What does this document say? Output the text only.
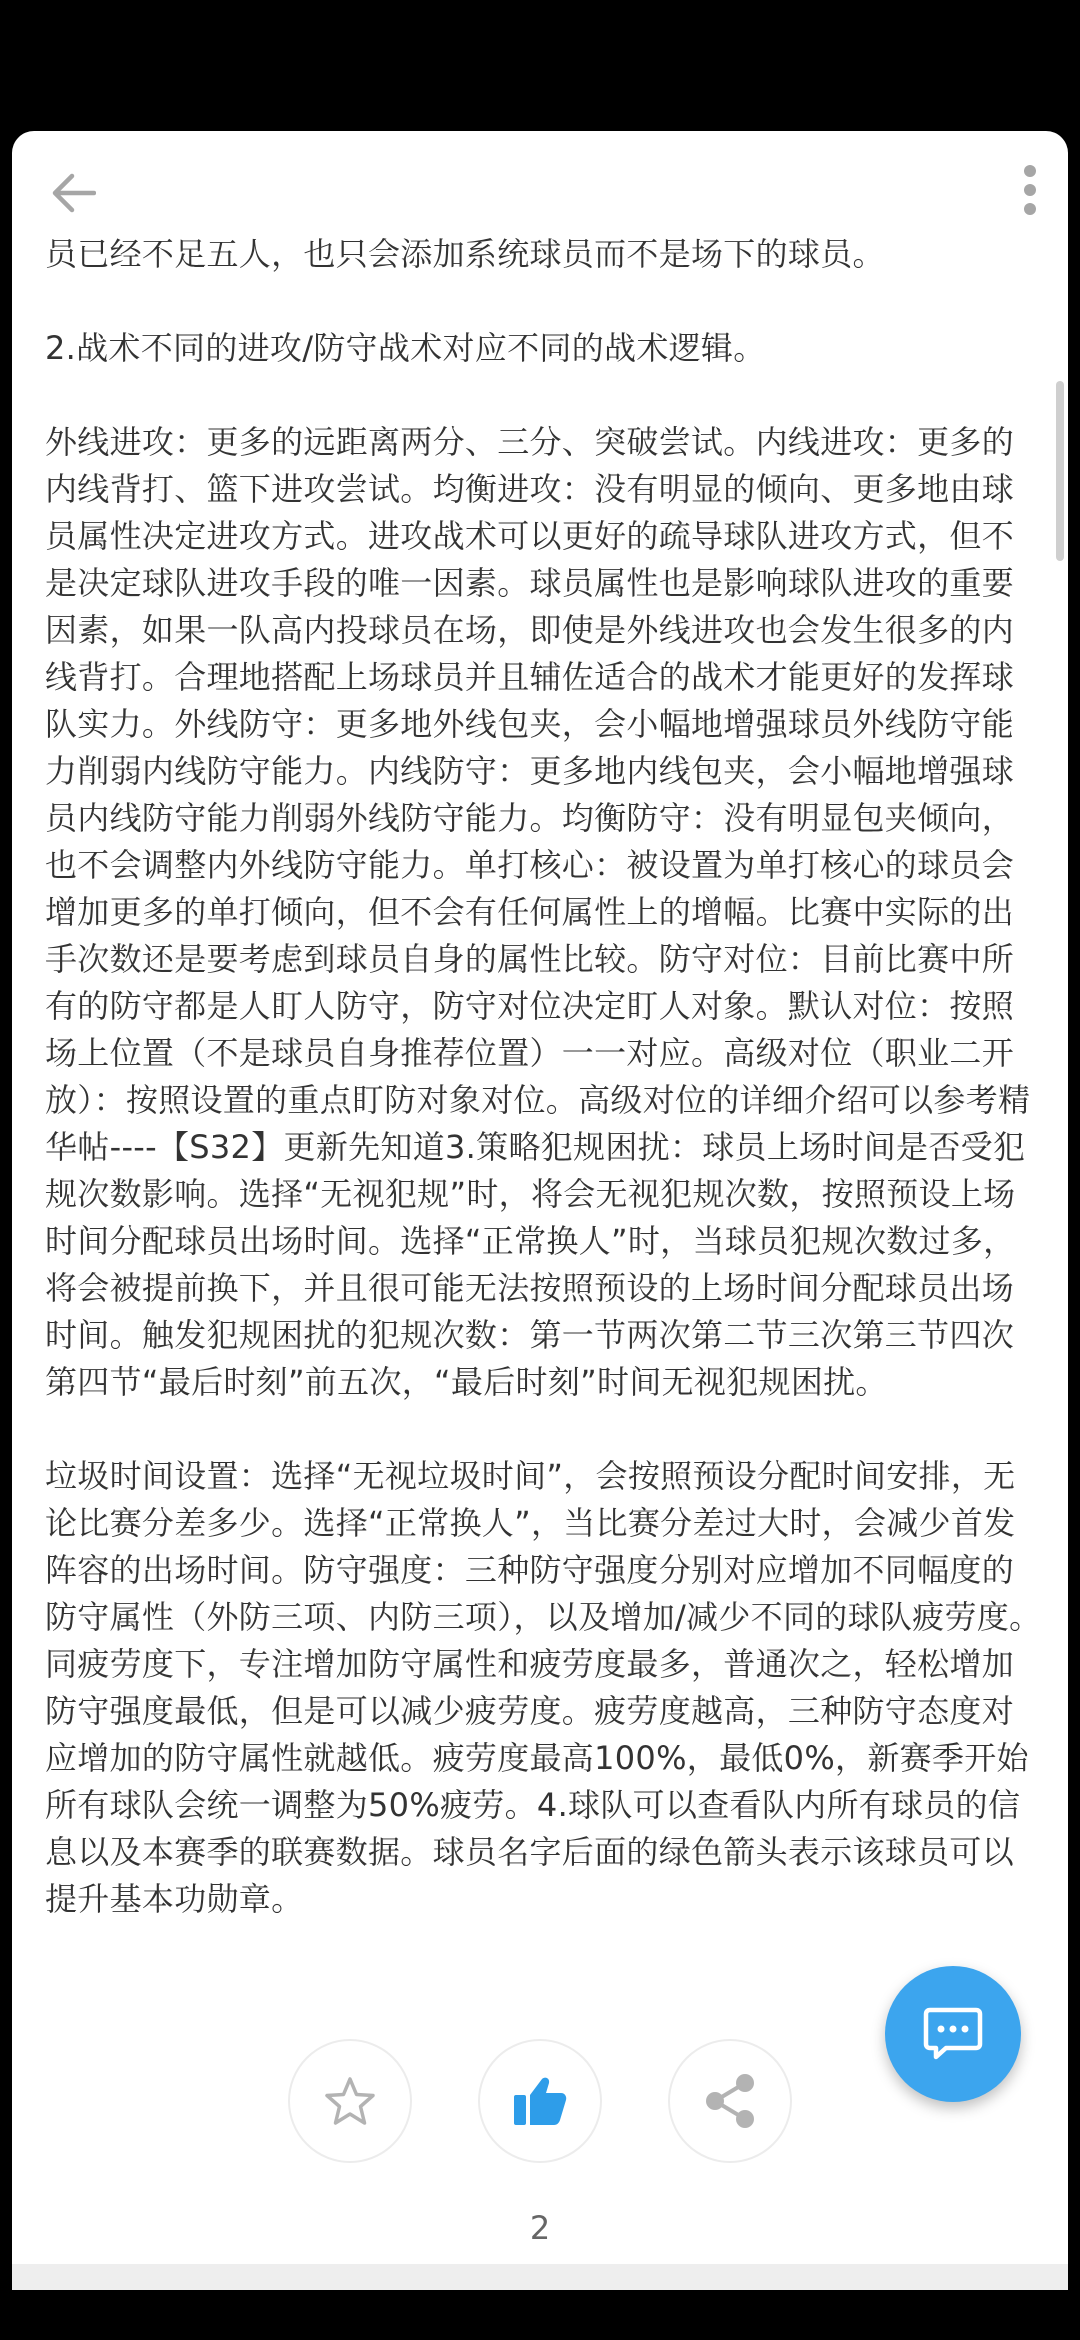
员已经不足五人，也只会添加系统球员而不是场下的球员。

2.战术不同的进攻/防守战术对应不同的战术逻辑。

外线进攻：更多的远距离两分、三分、突破尝试。内线进攻：更多的内线背打、篮下进攻尝试。均衡进攻：没有明显的倾向、更多地由球员属性决定进攻方式。进攻战术可以更好的疏导球队进攻方式，但不是决定球队进攻手段的唯一因素。球员属性也是影响球队进攻的重要因素，如果一队高内投球员在场，即使是外线进攻也会发生很多的内线背打。合理地搭配上场球员并且辅佐适合的战术才能更好的发挥球队实力。外线防守：更多地外线包夹，会小幅地增强球员外线防守能力削弱内线防守能力。内线防守：更多地内线包夹，会小幅地增强球员内线防守能力削弱外线防守能力。均衡防守：没有明显包夹倾向，也不会调整内外线防守能力。单打核心：被设置为单打核心的球员会增加更多的单打倾向，但不会有任何属性上的增幅。比赛中实际的出手次数还是要考虑到球员自身的属性比较。防守对位：目前比赛中所有的防守都是人盯人防守，防守对位决定盯人对象。默认对位：按照场上位置（不是球员自身推荐位置）一一对应。高级对位（职业二开放）：按照设置的重点盯防对象对位。高级对位的详细介绍可以参考精华帖----【S32】更新先知道3.策略犯规困扰：球员上场时间是否受犯规次数影响。选择“无视犯规”时，将会无视犯规次数，按照预设上场时间分配球员出场时间。选择“正常换人”时，当球员犯规次数过多，将会被提前换下，并且很可能无法按照预设的上场时间分配球员出场时间。触发犯规困扰的犯规次数：第一节两次第二节三次第三节四次第四节“最后时刻”前五次，“最后时刻”时间无视犯规困扰。

垃圾时间设置：选择“无视垃圾时间”，会按照预设分配时间安排，无论比赛分差多少。选择“正常换人”，当比赛分差过大时，会减少首发阵容的出场时间。防守强度：三种防守强度分别对应增加不同幅度的防守属性（外防三项、内防三项），以及增加/减少不同的球队疲劳度。同疲劳度下，专注增加防守属性和疲劳度最多，普通次之，轻松增加防守强度最低，但是可以减少疲劳度。疲劳度越高，三种防守态度对应增加的防守属性就越低。疲劳度最高100%，最低0%，新赛季开始所有球队会统一调整为50%疲劳。4.球队可以查看队内所有球员的信息以及本赛季的联赛数据。球员名字后面的绿色箭头表示该球员可以提升基本功勋章。

2
